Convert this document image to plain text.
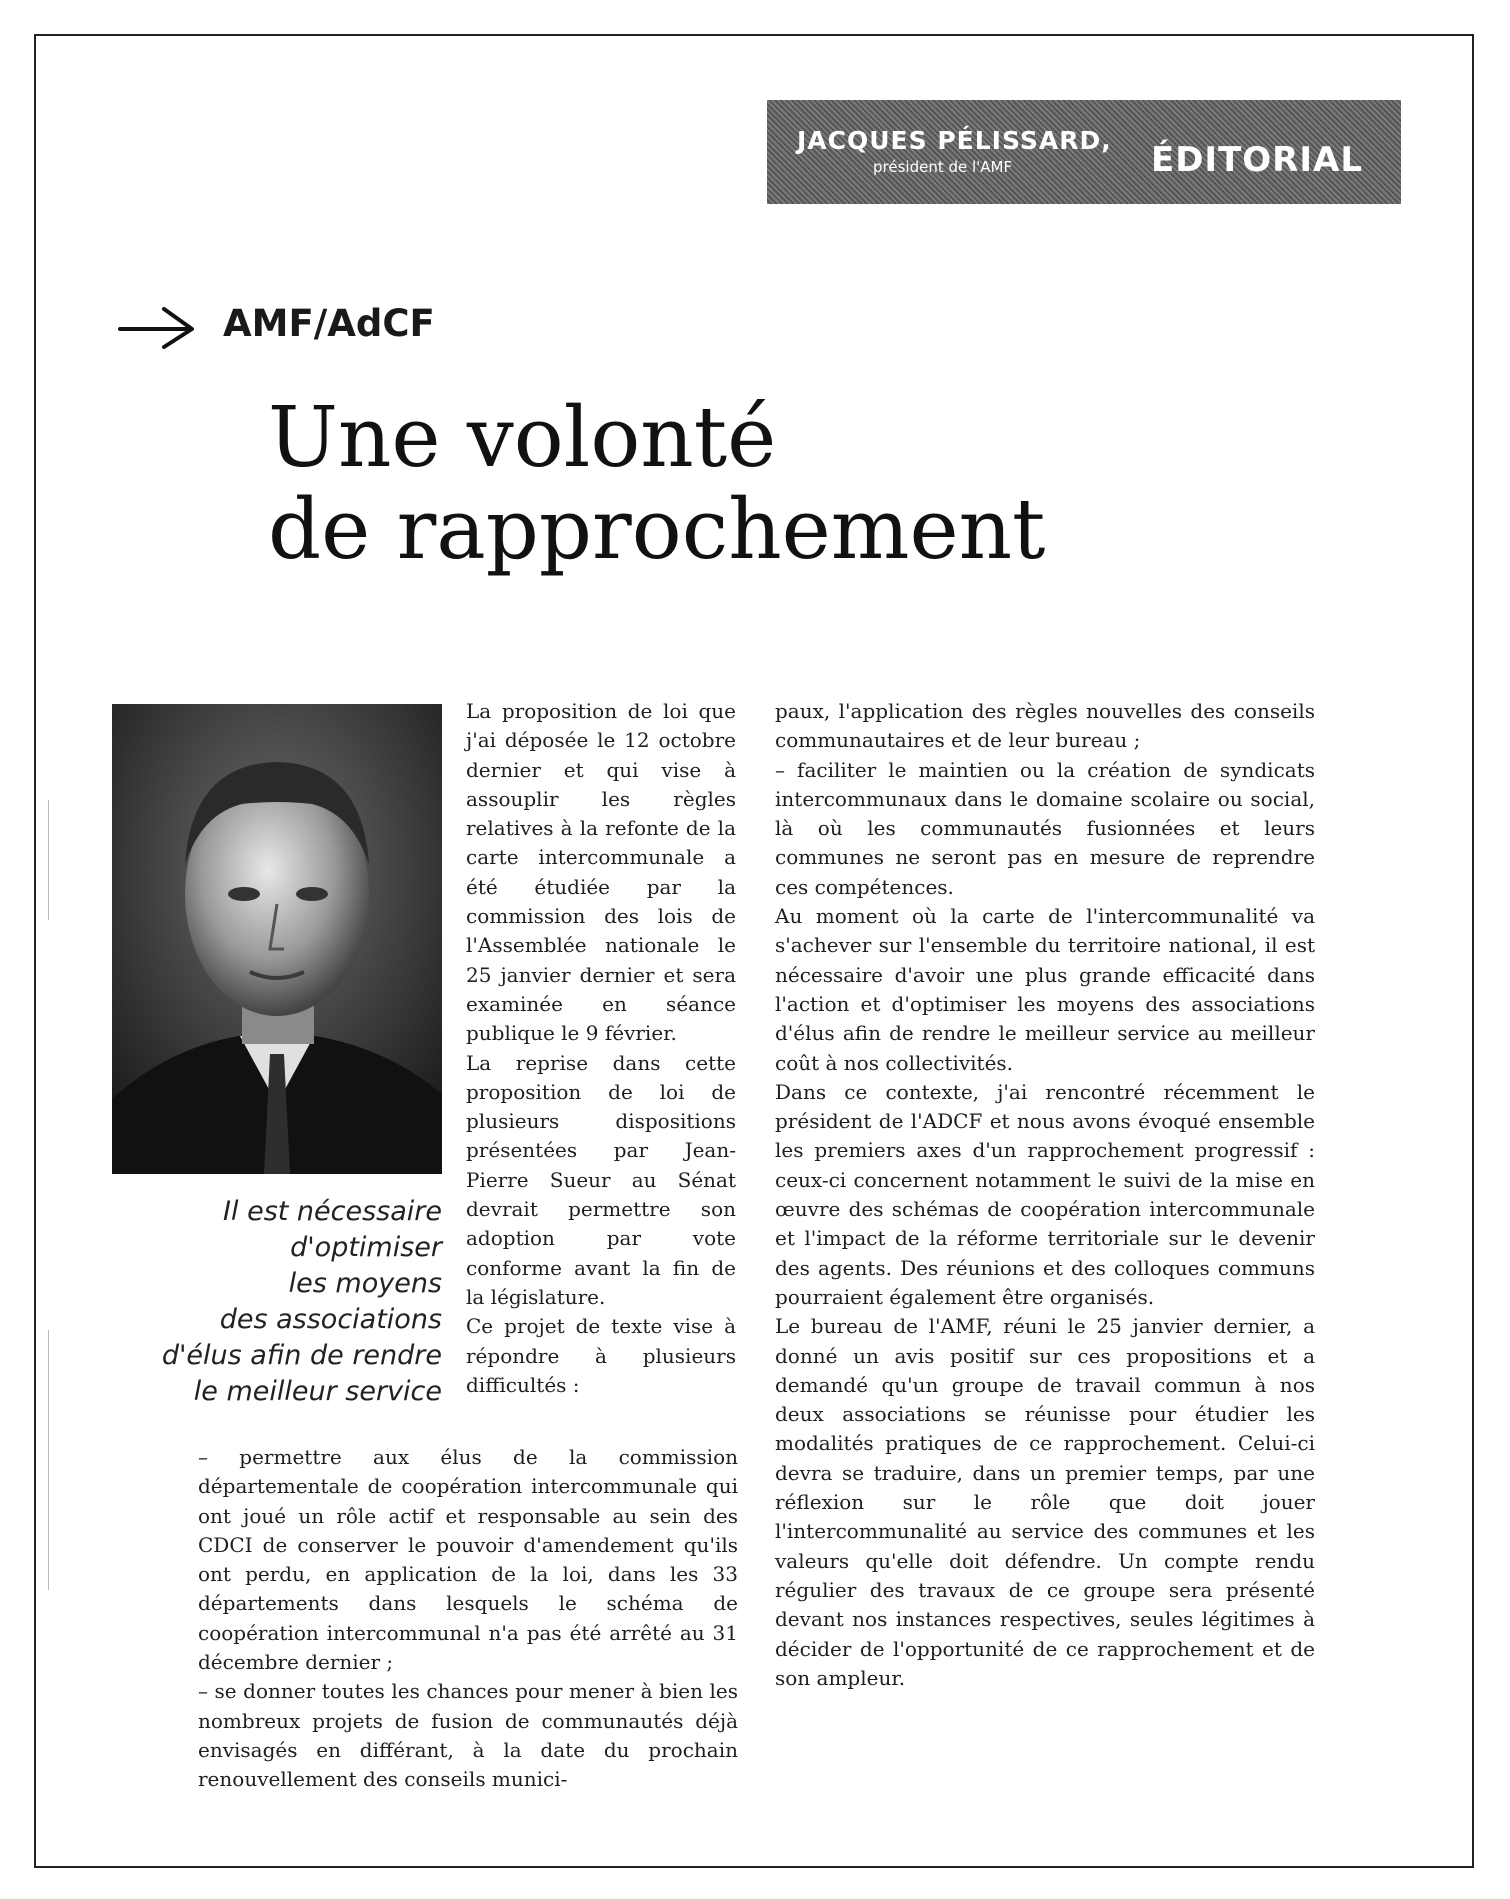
JACQUES PÉLISSARD,
président de l'AMF	ÉDITORIAL
AMF/AdCF
Une volonté
de rapprochement
Il est nécessaire
d'optimiser
les moyens
des associations
d'élus afin de rendre
le meilleur service

La proposition de loi que j'ai déposée le 12 octobre dernier et qui vise à assouplir les règles relatives à la refonte de la carte intercommunale a été étudiée par la commission des lois de l'Assemblée nationale le 25 janvier dernier et sera examinée en séance publique le 9 février.

La reprise dans cette proposition de loi de plusieurs dispositions présentées par Jean-Pierre Sueur au Sénat devrait permettre son adoption par vote conforme avant la fin de la législature.

Ce projet de texte vise à répondre à plusieurs difficultés :

– permettre aux élus de la commission départementale de coopération intercommunale qui ont joué un rôle actif et responsable au sein des CDCI de conserver le pouvoir d'amendement qu'ils ont perdu, en application de la loi, dans les 33 départements dans lesquels le schéma de coopération intercommunal n'a pas été arrêté au 31 décembre dernier ;

– se donner toutes les chances pour mener à bien les nombreux projets de fusion de communautés déjà envisagés en différant, à la date du prochain renouvellement des conseils munici-

paux, l'application des règles nouvelles des conseils communautaires et de leur bureau ;

– faciliter le maintien ou la création de syndicats intercommunaux dans le domaine scolaire ou social, là où les communautés fusionnées et leurs communes ne seront pas en mesure de reprendre ces compétences.

Au moment où la carte de l'intercommunalité va s'achever sur l'ensemble du territoire national, il est nécessaire d'avoir une plus grande efficacité dans l'action et d'optimiser les moyens des associations d'élus afin de rendre le meilleur service au meilleur coût à nos collectivités.

Dans ce contexte, j'ai rencontré récemment le président de l'ADCF et nous avons évoqué ensemble les premiers axes d'un rapprochement progressif : ceux-ci concernent notamment le suivi de la mise en œuvre des schémas de coopération intercommunale et l'impact de la réforme territoriale sur le devenir des agents. Des réunions et des colloques communs pourraient également être organisés.

Le bureau de l'AMF, réuni le 25 janvier dernier, a donné un avis positif sur ces propositions et a demandé qu'un groupe de travail commun à nos deux associations se réunisse pour étudier les modalités pratiques de ce rapprochement. Celui-ci devra se traduire, dans un premier temps, par une réflexion sur le rôle que doit jouer l'intercommunalité au service des communes et les valeurs qu'elle doit défendre. Un compte rendu régulier des travaux de ce groupe sera présenté devant nos instances respectives, seules légitimes à décider de l'opportunité de ce rapprochement et de son ampleur.
